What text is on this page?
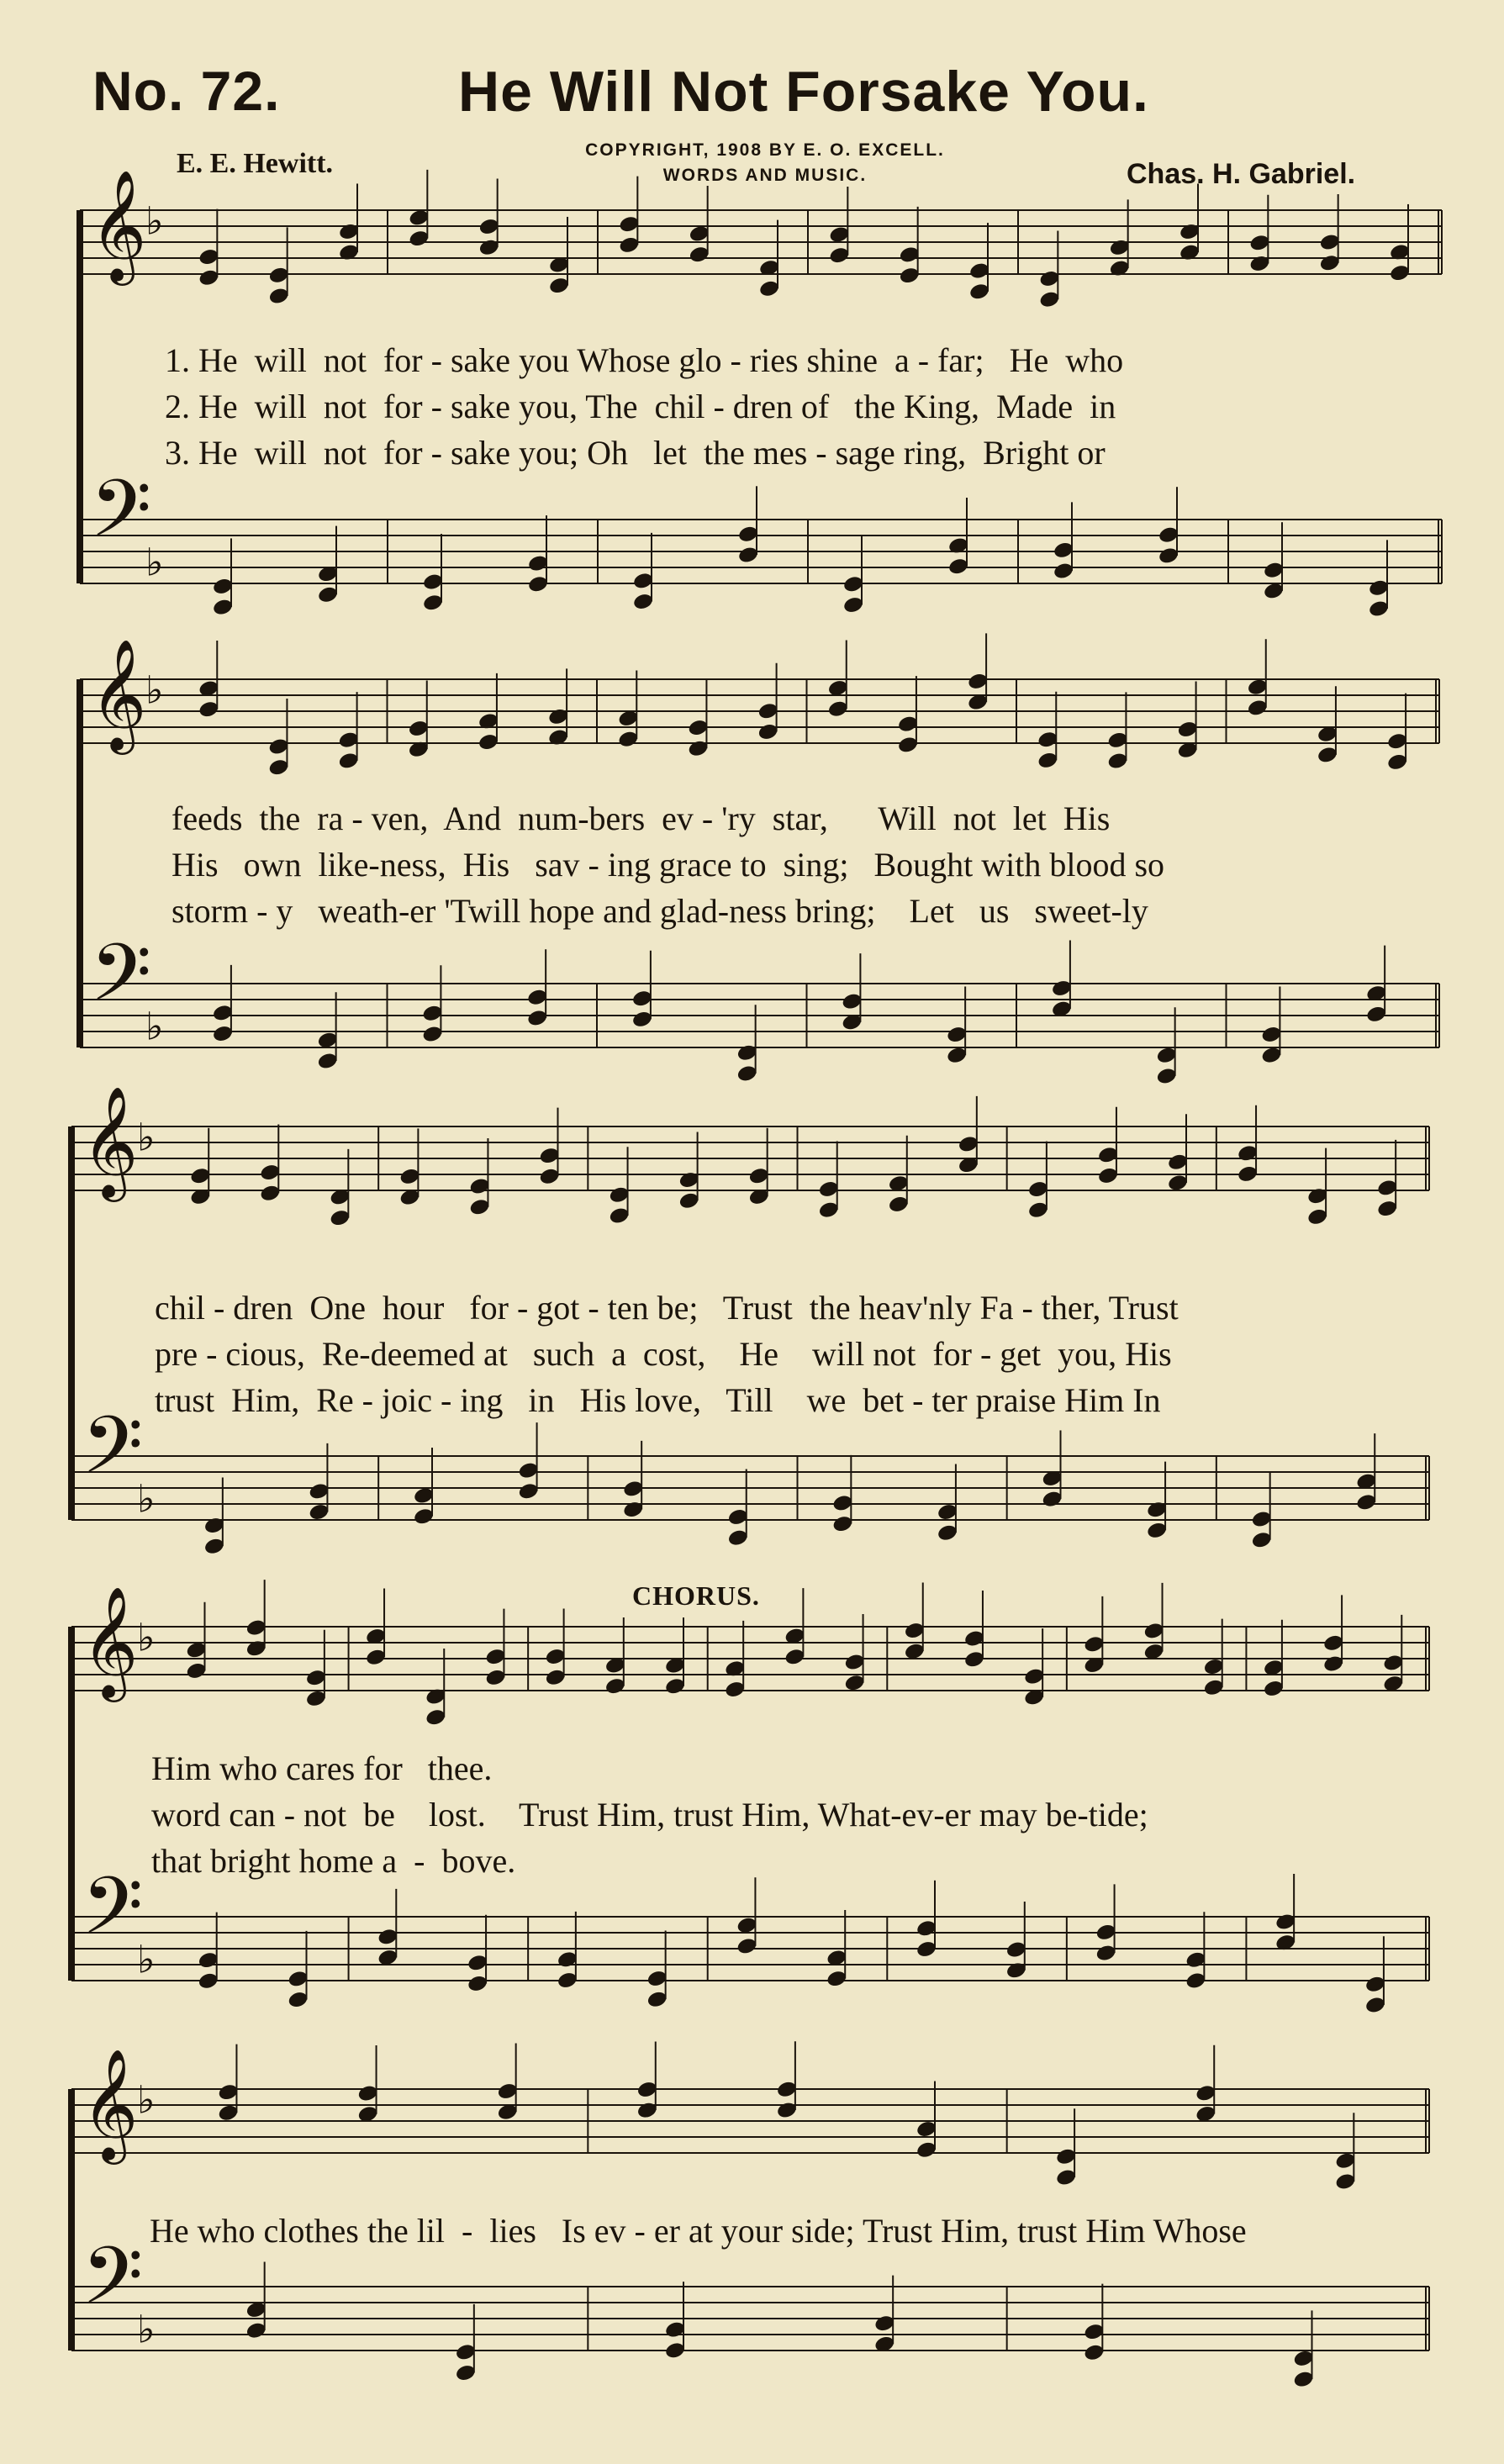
No. 72.	He Will Not Forsake You.
E. E. Hewitt.	COPYRIGHT, 1908 BY E. O. EXCELL.
WORDS AND MUSIC.	Chas. H. Gabriel.
𝄞
𝄢
♭
♭
𝄞
𝄢
♭
♭
𝄞
𝄢
♭
♭
𝄞
𝄢
♭
♭
𝄞
𝄢
♭
♭
1. He  will  not  for - sake you Whose glo - ries shine  a - far;   He  who
2. He  will  not  for - sake you, The  chil - dren of   the King,  Made  in
3. He  will  not  for - sake you; Oh   let  the mes - sage ring,  Bright or
feeds  the  ra - ven,  And  num-bers  ev - 'ry  star,      Will  not  let  His
His   own  like-ness,  His   sav - ing grace to  sing;   Bought with blood so
storm - y   weath-er 'Twill hope and glad-ness bring;    Let   us   sweet-ly
chil - dren  One  hour   for - got - ten be;   Trust  the heav'nly Fa - ther, Trust
pre - cious,  Re-deemed at   such  a  cost,    He    will not  for - get  you, His
trust  Him,  Re - joic - ing   in   His love,   Till    we  bet - ter praise Him In
CHORUS.
Him who cares for   thee.
word can - not  be    lost.    Trust Him, trust Him, What-ev-er may be-tide;
that bright home a  -  bove.
He who clothes the lil  -  lies   Is ev - er at your side; Trust Him, trust Him Whose
